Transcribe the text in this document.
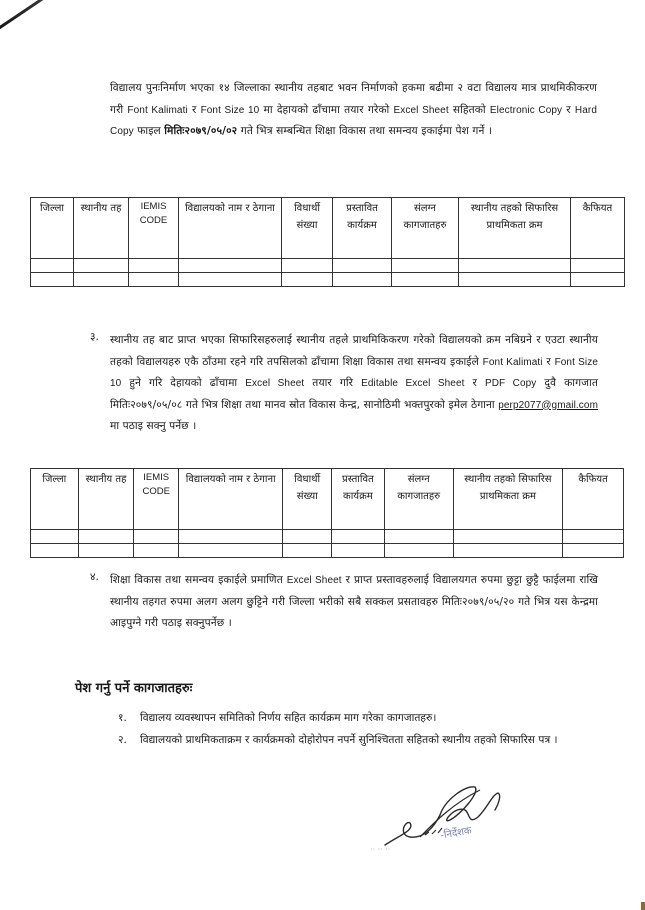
विद्यालय पुनःनिर्माण भएका १४ जिल्लाका स्थानीय तहबाट भवन निर्माणको हकमा बढीमा २ वटा विद्यालय मात्र प्राथमिकीकरण गरी Font Kalimati र Font Size 10 मा देहायको ढाँचामा तयार गरेको Excel Sheet सहितको Electronic Copy र Hard Copy फाइल मितिः२०७९/०५/०२ गते भित्र सम्बन्धित शिक्षा विकास तथा समन्वय इकाईमा पेश गर्ने ।
जिल्ला	स्थानीय तह	IEMIS CODE	विद्यालयको नाम र ठेगाना	विधार्थी संख्या	प्रस्तावित कार्यक्रम	संलग्न कागजातहरु	स्थानीय तहको सिफारिस प्राथमिकता क्रम	कैफियत

३. स्थानीय तह बाट प्राप्त भएका सिफारिसहरुलाई स्थानीय तहले प्राथमिकिकरण गरेको विद्यालयको क्रम नबिग्रने र एउटा स्थानीय तहको विद्यालयहरु एकै ठाँउमा रहने गरि तपसिलको ढाँचामा शिक्षा विकास तथा समन्वय इकाईले Font Kalimati र Font Size 10 हुने गरि देहायको ढाँचामा Excel Sheet तयार गरि Editable Excel Sheet र PDF Copy दुवै कागजात मितिः२०७९/०५/०८ गते भित्र शिक्षा तथा मानव स्रोत विकास केन्द्र, सानोठिमी भक्तपुरको इमेल ठेगाना perp2077@gmail.com मा पठाइ सक्नु पर्नेछ ।
जिल्ला	स्थानीय तह	IEMIS CODE	विद्यालयको नाम र ठेगाना	विधार्थी संख्या	प्रस्तावित कार्यक्रम	संलग्न कागजातहरु	स्थानीय तहको सिफारिस प्राथमिकता क्रम	कैफियत

४. शिक्षा विकास तथा समन्वय इकाईले प्रमाणित Excel Sheet र प्राप्त प्रस्तावहरुलाई विद्यालयगत रुपमा छुट्टा छुट्टै फाईलमा राखि स्थानीय तहगत रुपमा अलग अलग छुट्टिने गरी जिल्ला भरीको सबै सक्कल प्रसतावहरु मितिः२०७९/०५/२० गते भित्र यस केन्द्रमा आइपुग्ने गरी पठाइ सक्नुपर्नेछ ।
पेश गर्नु पर्ने कागजातहरुः
१. विद्यालय व्यवस्थापन समितिको निर्णय सहित कार्यक्रम माग गरेका कागजातहरु।
२. विद्यालयको प्राथमिकताक्रम र कार्यक्रमको दोहोरोपन नपर्ने सुनिश्चितता सहितको स्थानीय तहको सिफारिस पत्र ।
-निर्देशक
·· ·· ··
